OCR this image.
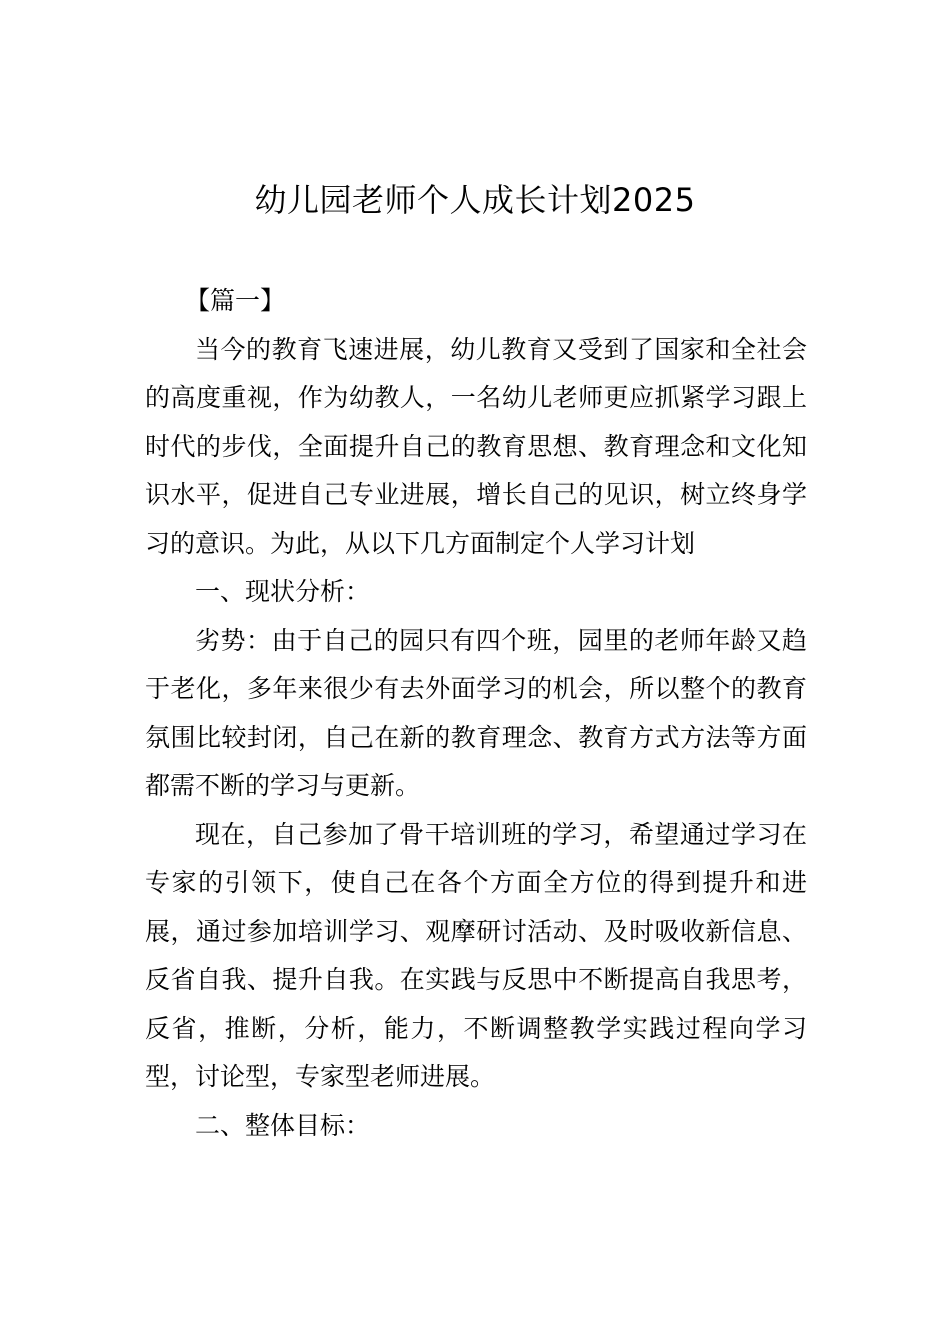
幼儿园老师个人成长计划2025

【篇一】

当今的教育飞速进展，幼儿教育又受到了国家和全社会的高度重视，作为幼教人，一名幼儿老师更应抓紧学习跟上时代的步伐，全面提升自己的教育思想、教育理念和文化知识水平，促进自己专业进展，增长自己的见识，树立终身学习的意识。为此，从以下几方面制定个人学习计划

一、现状分析：

劣势：由于自己的园只有四个班，园里的老师年龄又趋于老化，多年来很少有去外面学习的机会，所以整个的教育氛围比较封闭，自己在新的教育理念、教育方式方法等方面都需不断的学习与更新。

现在，自己参加了骨干培训班的学习，希望通过学习在专家的引领下，使自己在各个方面全方位的得到提升和进展，通过参加培训学习、观摩研讨活动、及时吸收新信息、反省自我、提升自我。在实践与反思中不断提高自我思考，反省，推断，分析，能力，不断调整教学实践过程向学习型，讨论型，专家型老师进展。

二、整体目标：
